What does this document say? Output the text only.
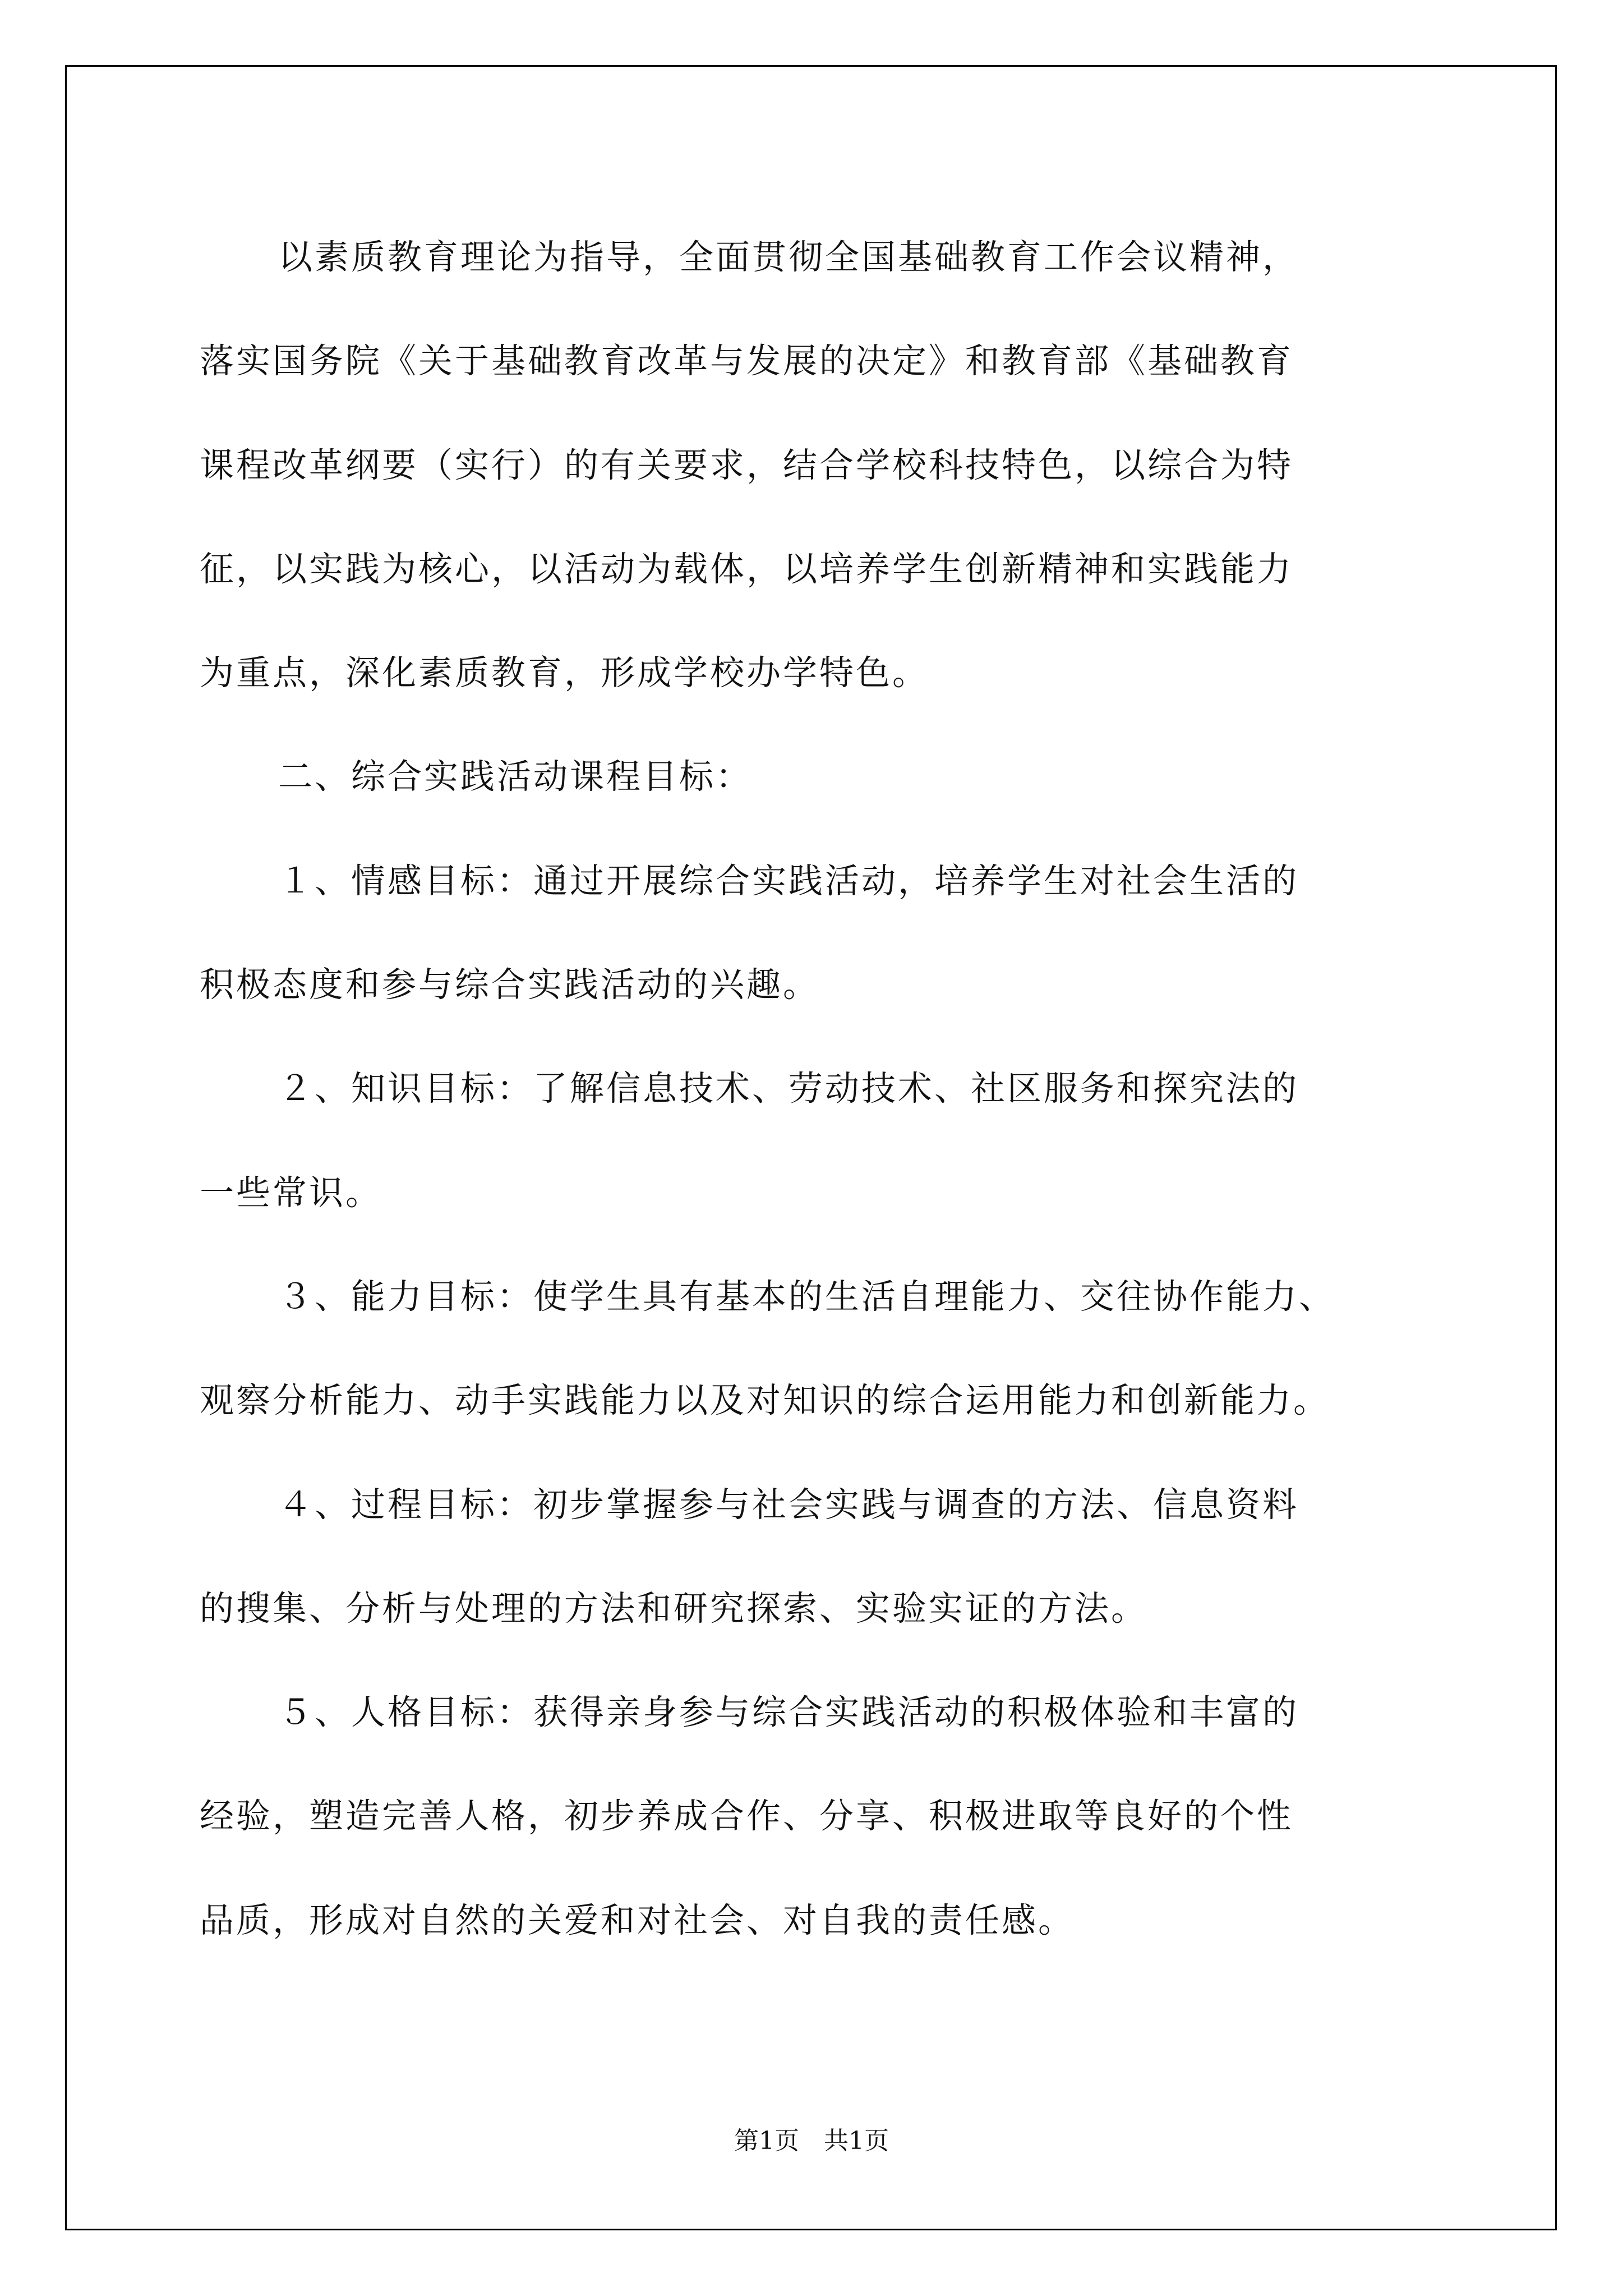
以素质教育理论为指导，全面贯彻全国基础教育工作会议精神，
落实国务院《关于基础教育改革与发展的决定》和教育部《基础教育
课程改革纲要（实行）的有关要求，结合学校科技特色，以综合为特
征，以实践为核心，以活动为载体，以培养学生创新精神和实践能力
为重点，深化素质教育，形成学校办学特色。

二、综合实践活动课程目标：

１、情感目标：通过开展综合实践活动，培养学生对社会生活的
积极态度和参与综合实践活动的兴趣。

２、知识目标：了解信息技术、劳动技术、社区服务和探究法的
一些常识。

３、能力目标：使学生具有基本的生活自理能力、交往协作能力、
观察分析能力、动手实践能力以及对知识的综合运用能力和创新能力。

４、过程目标：初步掌握参与社会实践与调查的方法、信息资料
的搜集、分析与处理的方法和研究探索、实验实证的方法。

５、人格目标：获得亲身参与综合实践活动的积极体验和丰富的
经验，塑造完善人格，初步养成合作、分享、积极进取等良好的个性
品质，形成对自然的关爱和对社会、对自我的责任感。

第1页　共1页
